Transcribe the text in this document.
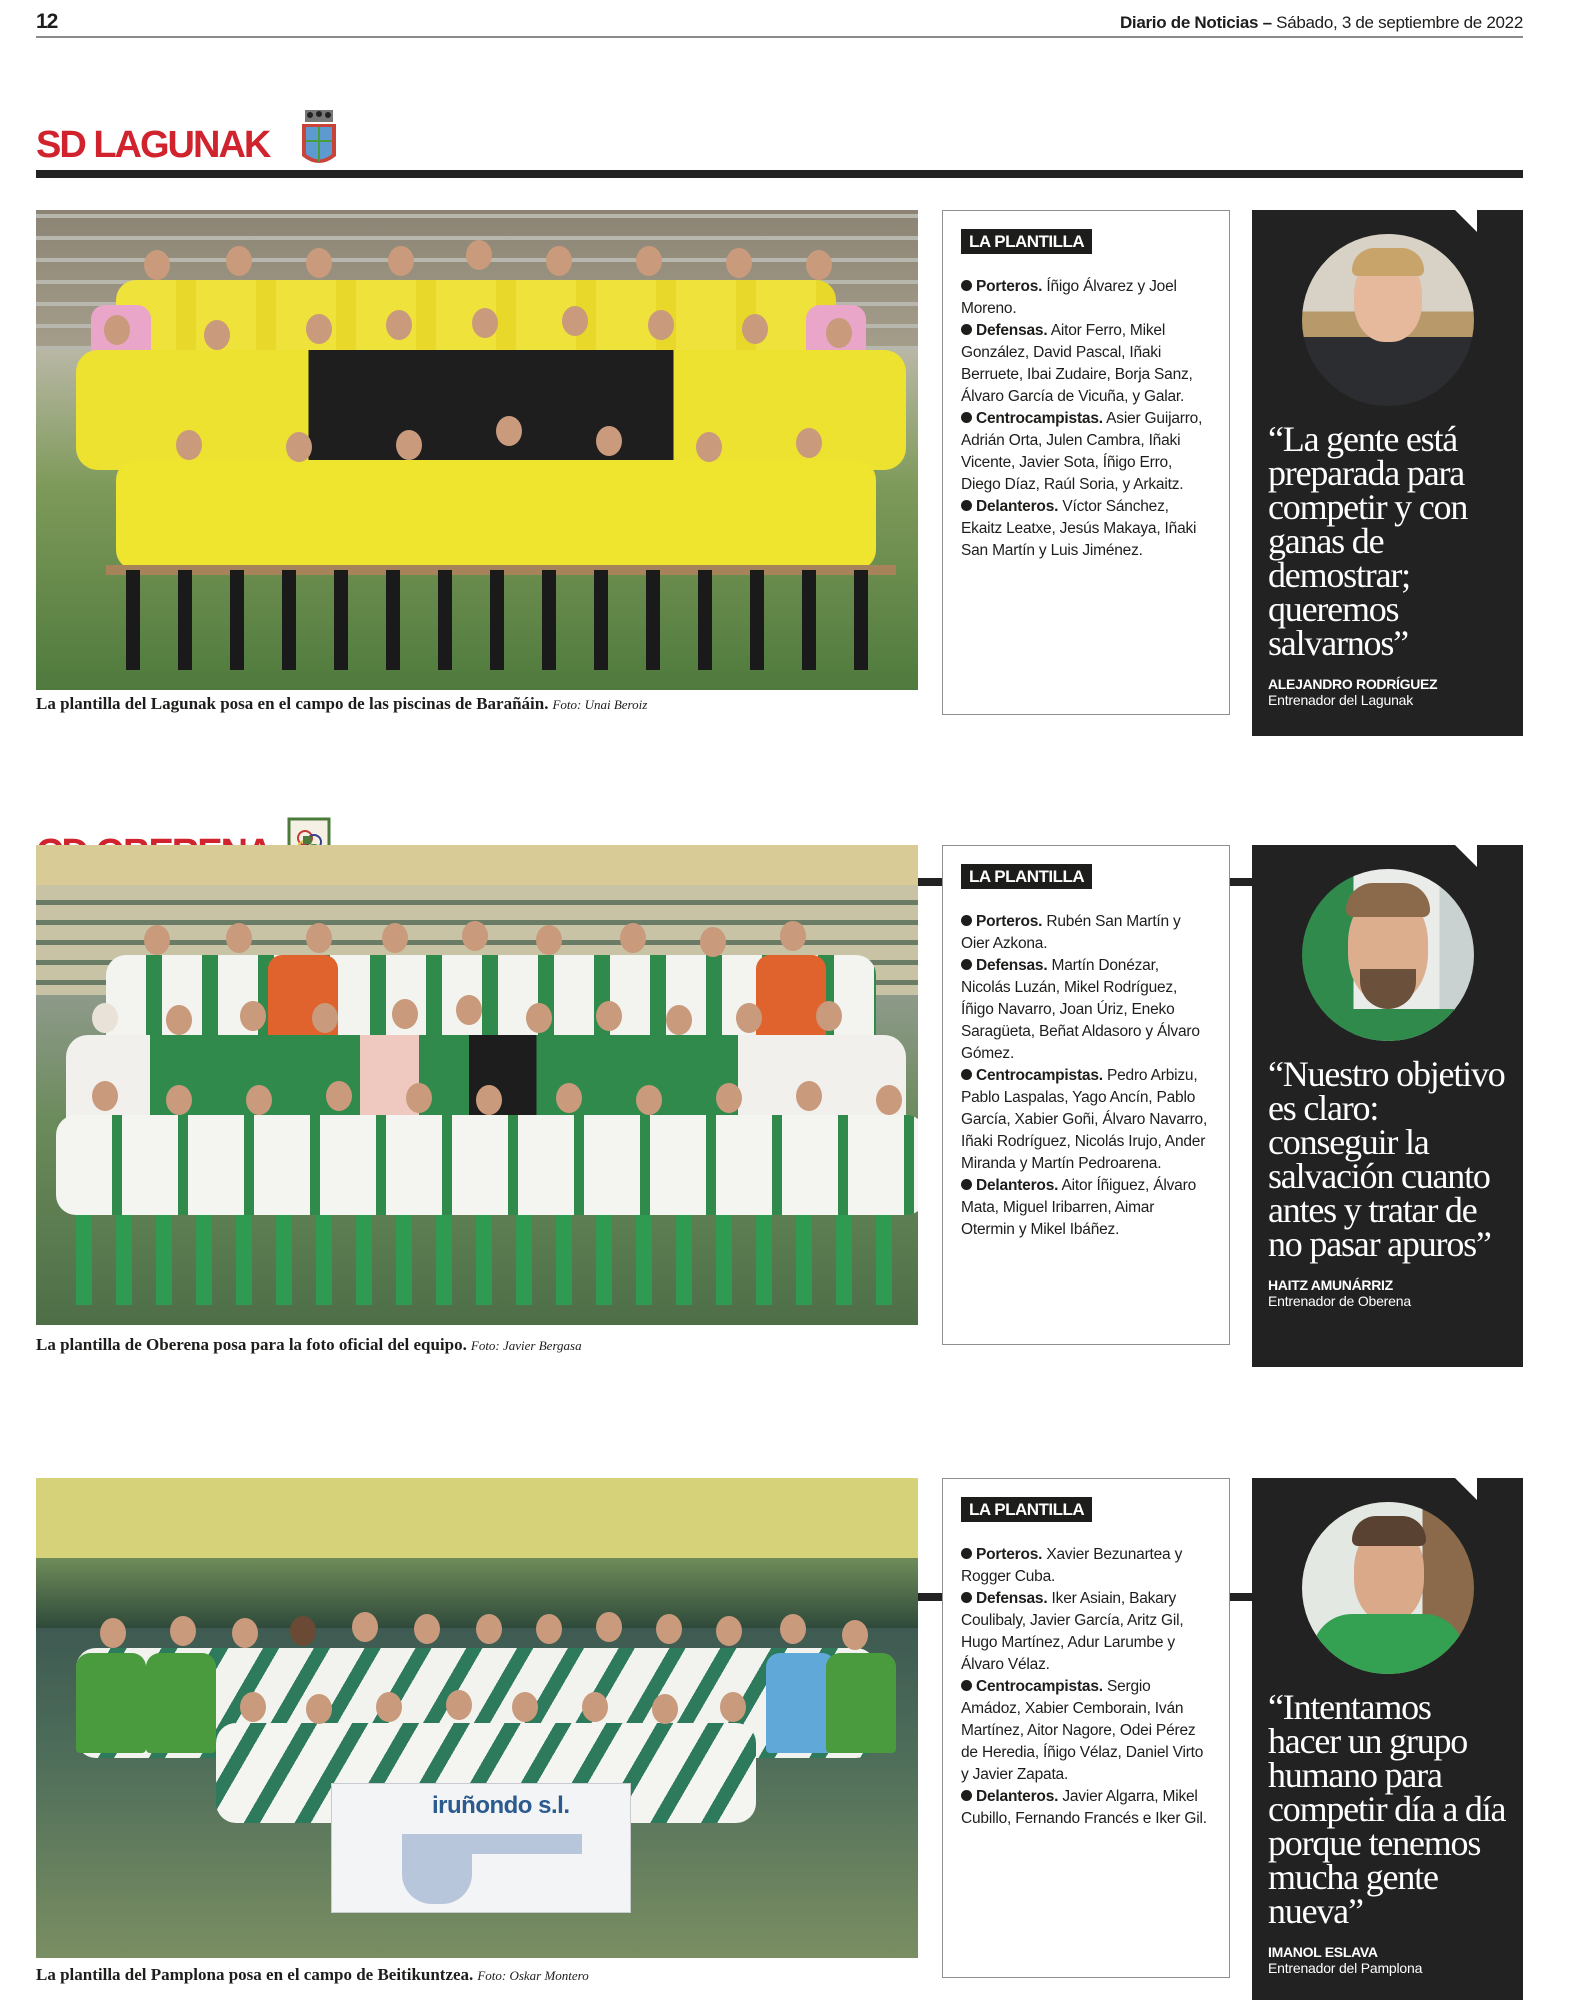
12	Diario de Noticias – Sábado, 3 de septiembre de 2022
SD LAGUNAK
La plantilla del Lagunak posa en el campo de las piscinas de Barañáin. Foto: Unai Beroiz
LA PLANTILLA
Porteros. Íñigo Álvarez y Joel Moreno.
Defensas. Aitor Ferro, Mikel González, David Pascal, Iñaki Berruete, Ibai Zudaire, Borja Sanz, Álvaro García de Vicuña, y Galar.
Centrocampistas. Asier Guijarro, Adrián Orta, Julen Cambra, Iñaki Vicente, Javier Sota, Íñigo Erro, Diego Díaz, Raúl Soria, y Arkaitz.
Delanteros. Víctor Sánchez, Ekaitz Leatxe, Jesús Makaya, Iñaki San Martín y Luis Jiménez.
“La gente está preparada para competir y con ganas de demostrar; queremos salvarnos”
ALEJANDRO RODRÍGUEZ
Entrenador del Lagunak
La plantilla de Oberena posa para la foto oficial del equipo. Foto: Javier Bergasa
LA PLANTILLA
Porteros. Rubén San Martín y Oier Azkona.
Defensas. Martín Donézar, Nicolás Luzán, Mikel Rodríguez, Íñigo Navarro, Joan Úriz, Eneko Saragüeta, Beñat Aldasoro y Álvaro Gómez.
Centrocampistas. Pedro Arbizu, Pablo Laspalas, Yago Ancín, Pablo García, Xabier Goñi, Álvaro Navarro, Iñaki Rodríguez, Nicolás Irujo, Ander Miranda y Martín Pedroarena.
Delanteros. Aitor Íñiguez, Álvaro Mata, Miguel Iribarren, Aimar Otermin y Mikel Ibáñez.
“Nuestro objetivo es claro: conseguir la salvación cuanto antes y tratar de no pasar apuros”
HAITZ AMUNÁRRIZ
Entrenador de Oberena
iruñondo s.l.
La plantilla del Pamplona posa en el campo de Beitikuntzea. Foto: Oskar Montero
LA PLANTILLA
Porteros. Xavier Bezunartea y Rogger Cuba.
Defensas. Iker Asiain, Bakary Coulibaly, Javier García, Aritz Gil, Hugo Martínez, Adur Larumbe y Álvaro Vélaz.
Centrocampistas. Sergio Amádoz, Xabier Cemborain, Iván Martínez, Aitor Nagore, Odei Pérez de Heredia, Íñigo Vélaz, Daniel Virto y Javier Zapata.
Delanteros. Javier Algarra, Mikel Cubillo, Fernando Francés e Iker Gil.
“Intentamos hacer un grupo humano para competir día a día porque tenemos mucha gente nueva”
IMANOL ESLAVA
Entrenador del Pamplona
